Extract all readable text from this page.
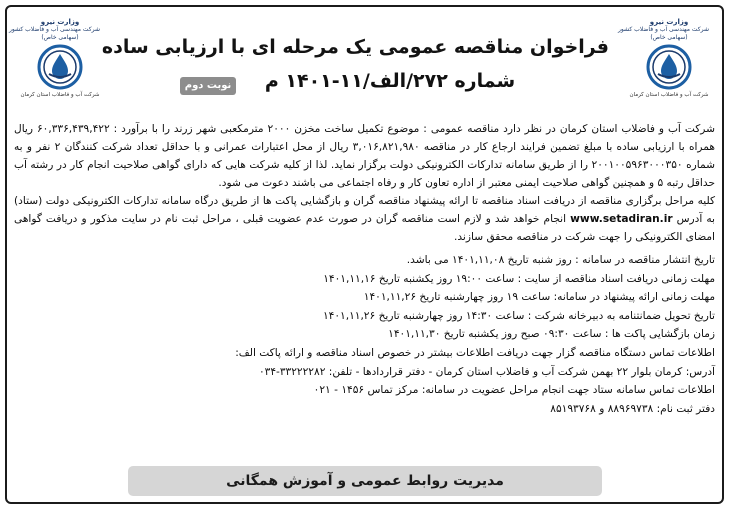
وزارت نیرو
شرکت مهندسی آب و فاضلاب کشور
(سهامی خاص)
شرکت آب و فاضلاب استان کرمان
وزارت نیرو
شرکت مهندسی آب و فاضلاب کشور
(سهامی خاص)
شرکت آب و فاضلاب استان کرمان
فراخوان مناقصه عمومی یک مرحله ای با ارزیابی ساده
نوبت دوم	شماره ۲۷۲/الف/۱۱-۱۴۰۱ م

شرکت آب و فاضلاب استان کرمان در نظر دارد مناقصه عمومی : موضوع تکمیل ساخت مخزن ۲۰۰۰ مترمکعبی شهر زرند را با برآورد : ۶۰,۳۳۶,۴۳۹,۴۲۲ ریال همراه با ارزیابی ساده با مبلغ تضمین فرایند ارجاع کار در مناقصه ۳,۰۱۶,۸۲۱,۹۸۰ ریال از محل اعتبارات عمرانی و با حداقل تعداد شرکت کنندگان ۲ نفر و به شماره ۲۰۰۱۰۰۵۹۶۳۰۰۰۳۵۰ را از طریق سامانه تدارکات الکترونیکی دولت برگزار نماید. لذا از کلیه شرکت هایی که دارای گواهی صلاحیت انجام کار در رشته آب حداقل رتبه ۵ و همچنین گواهی صلاحیت ایمنی معتبر از اداره تعاون کار و رفاه اجتماعی می باشند دعوت می شود.

کلیه مراحل برگزاری مناقصه از دریافت اسناد مناقصه تا ارائه پیشنهاد مناقصه گران و بازگشایی پاکت ها از طریق درگاه سامانه تدارکات الکترونیکی دولت (ستاد) به آدرس www.setadiran.ir انجام خواهد شد و لازم است مناقصه گران در صورت عدم عضویت قبلی ، مراحل ثبت نام در سایت مذکور و دریافت گواهی امضای الکترونیکی را جهت شرکت در مناقصه محقق سازند.

تاریخ انتشار مناقصه در سامانه : روز شنبه تاریخ ۱۴۰۱,۱۱,۰۸ می باشد.
مهلت زمانی دریافت اسناد مناقصه از سایت : ساعت ۱۹:۰۰ روز یکشنبه تاریخ ۱۴۰۱,۱۱,۱۶
مهلت زمانی ارائه پیشنهاد در سامانه: ساعت ۱۹ روز چهارشنبه تاریخ ۱۴۰۱,۱۱,۲۶
تاریخ تحویل ضمانتنامه به دبیرخانه شرکت : ساعت ۱۴:۳۰ روز چهارشنبه تاریخ ۱۴۰۱,۱۱,۲۶
زمان بازگشایی پاکت ها : ساعت ۰۹:۳۰ صبح روز یکشنبه تاریخ ۱۴۰۱,۱۱,۳۰
اطلاعات تماس دستگاه مناقصه گزار جهت دریافت اطلاعات بیشتر در خصوص اسناد مناقصه و ارائه پاکت الف:
آدرس: کرمان بلوار ۲۲ بهمن شرکت آب و فاضلاب استان کرمان - دفتر قراردادها - تلفن: ۳۳۲۲۲۲۸۲-۰۳۴
اطلاعات تماس سامانه ستاد جهت انجام مراحل عضویت در سامانه: مرکز تماس ۱۴۵۶ - ۰۲۱
دفتر ثبت نام: ۸۸۹۶۹۷۳۸ و ۸۵۱۹۳۷۶۸
مدیریت روابط عمومی و آموزش همگانی
